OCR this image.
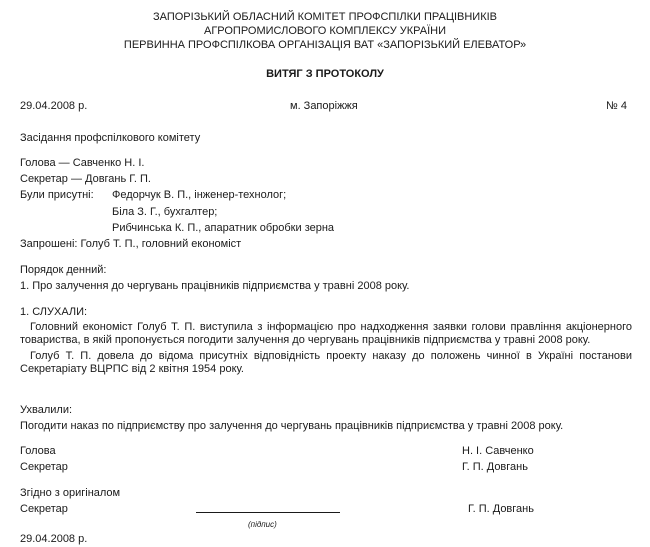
ЗАПОРІЗЬКИЙ ОБЛАСНИЙ КОМІТЕТ ПРОФСПІЛКИ ПРАЦІВНИКІВ
АГРОПРОМИСЛОВОГО КОМПЛЕКСУ УКРАЇНИ
ПЕРВИННА ПРОФСПІЛКОВА ОРГАНІЗАЦІЯ ВАТ «ЗАПОРІЗЬКИЙ ЕЛЕВАТОР»
ВИТЯГ З ПРОТОКОЛУ
29.04.2008 р.	м. Запоріжжя	№ 4
Засідання профспілкового комітету
Голова — Савченко Н. І.
Секретар — Довгань Г. П.
Були присутні: Федорчук В. П., інженер-технолог;
Біла З. Г., бухгалтер;
Рибчинська К. П., апаратник обробки зерна
Запрошені: Голуб Т. П., головний економіст
Порядок денний:
1. Про залучення до чергувань працівників підприємства у травні 2008 року.
1. СЛУХАЛИ:
Головний економіст Голуб Т. П. виступила з інформацією про надходження заявки голови правління акціонерного товариства, в якій пропонується погодити залучення до чергувань працівників підприємства у травні 2008 року.
Голуб Т. П. довела до відома присутніх відповідність проекту наказу до положень чинної в Україні постанови Секретаріату ВЦРПС від 2 квітня 1954 року.
Ухвалили:
Погодити наказ по підприємству про залучення до чергувань працівників підприємства у травні 2008 року.
Голова	Н. І. Савченко
Секретар	Г. П. Довгань
Згідно з оригіналом
Секретар	Г. П. Довгань
(підпис)
29.04.2008 р.
